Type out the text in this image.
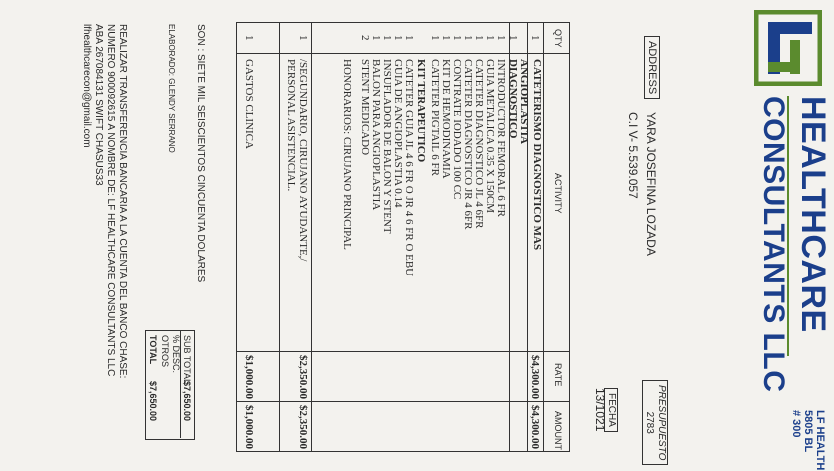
HEALTHCARE
CONSULTANTS LLC
ADDRESS
YARA JOSEFINA LOZADA
C.I V- 5.539.057
PRESUPUESTO
2783
FECHA
13/1021
QTY
ACTIVITY
RATE
AMOUNT
1
CATETERISMO DIAGNOSTICO MAS
ANGIOPLASTIA
$4,300.00
$4,300.00
1
DIAGNOSTICO
1
INTRODUCTOR FEMORAL 6 FR
1
GUIA METALICA 0.35 X 150CM
1
CATETER DIAGNOSTICO JL 4 6FR
1
CATETER DIAGNOSTICO JR 4 6FR
1
CONTRATE IODADO 100 CC
1
KIT DE HEMODINAMIA
1
CATETER PIGTAIL 6 FR
KIT TERAPEUTICO
1
CATETER GUIA JL 4 6 FR O JR 4 6 FR O EBU
1
GUIA DE ANGIOPLASTIA 0.14
1
INSUFLADOR DE BALON Y STENT
1
BALON PARA ANGIOPLASTIA
2
STENT MEDICADO
HONORARIOS: CIRUJANO PRINCIPAL
1
/SEGUNDARIO, CIRUJANO AYUDANTE,/
PERSONAL ASISTENCIAL.
$2,350.00
$2,350.00
1
GASTOS CLINICA
$1,000.00
$1,000.00
SUB TOTAL
$7,650.00
% DESC.
OTROS
TOTAL
$7,650.00
SON : SIETE MIL SEISCIENTOS CINCUENTA DOLARES
ELABORADO: GLENDY SERRANO
REALIZAR TRANSFERENCIA BANCARIA A LA CUENTA DEL BANCO CHASE:
NUMERO 900092615 A NOMBRE DE: LF HEALTHCARE CONSULTANTS LLC
ABA 267084131 SWIFT CHASUS33
lfhealthcarecon@gmail.com
LF HEALTH
5805 BL
# 300
